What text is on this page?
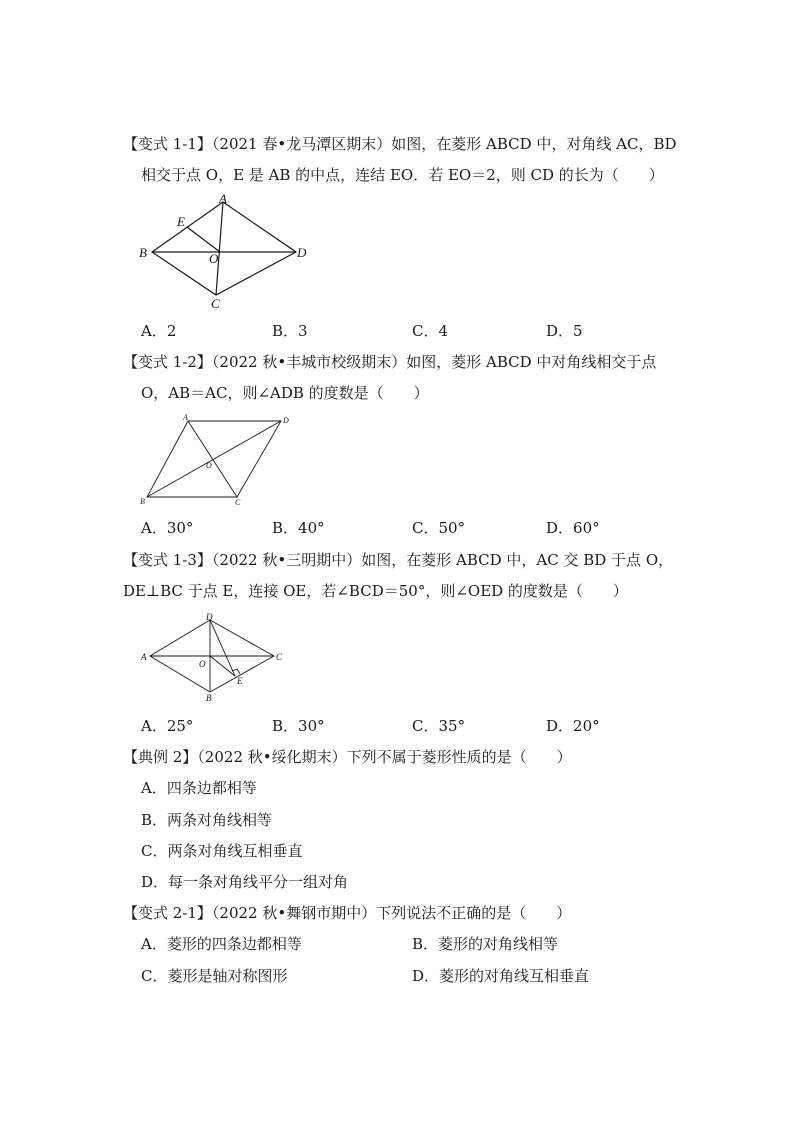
【变式 1-1】（2021 春•龙马潭区期末）如图，在菱形 ABCD 中，对角线 AC，BD
相交于点 O，E 是 AB 的中点，连结 EO．若 EO＝2，则 CD 的长为（　　）
A
B
C
D
E
O
A．2	B．3	C．4	D．5
【变式 1-2】（2022 秋•丰城市校级期末）如图，菱形 ABCD 中对角线相交于点
O，AB＝AC，则∠ADB 的度数是（　　）
A
B	C
D
O
A．30°	B．40°	C．50°	D．60°
【变式 1-3】（2022 秋•三明期中）如图，在菱形 ABCD 中，AC 交 BD 于点 O，
DE⊥BC 于点 E，连接 OE，若∠BCD＝50°，则∠OED 的度数是（　　）
D
A
B
C
E
O
A．25°	B．30°	C．35°	D．20°
【典例 2】（2022 秋•绥化期末）下列不属于菱形性质的是（　　）
A．四条边都相等
B．两条对角线相等
C．两条对角线互相垂直
D．每一条对角线平分一组对角
【变式 2-1】（2022 秋•舞钢市期中）下列说法不正确的是（　　）
A．菱形的四条边都相等	B．菱形的对角线相等
C．菱形是轴对称图形	D．菱形的对角线互相垂直
